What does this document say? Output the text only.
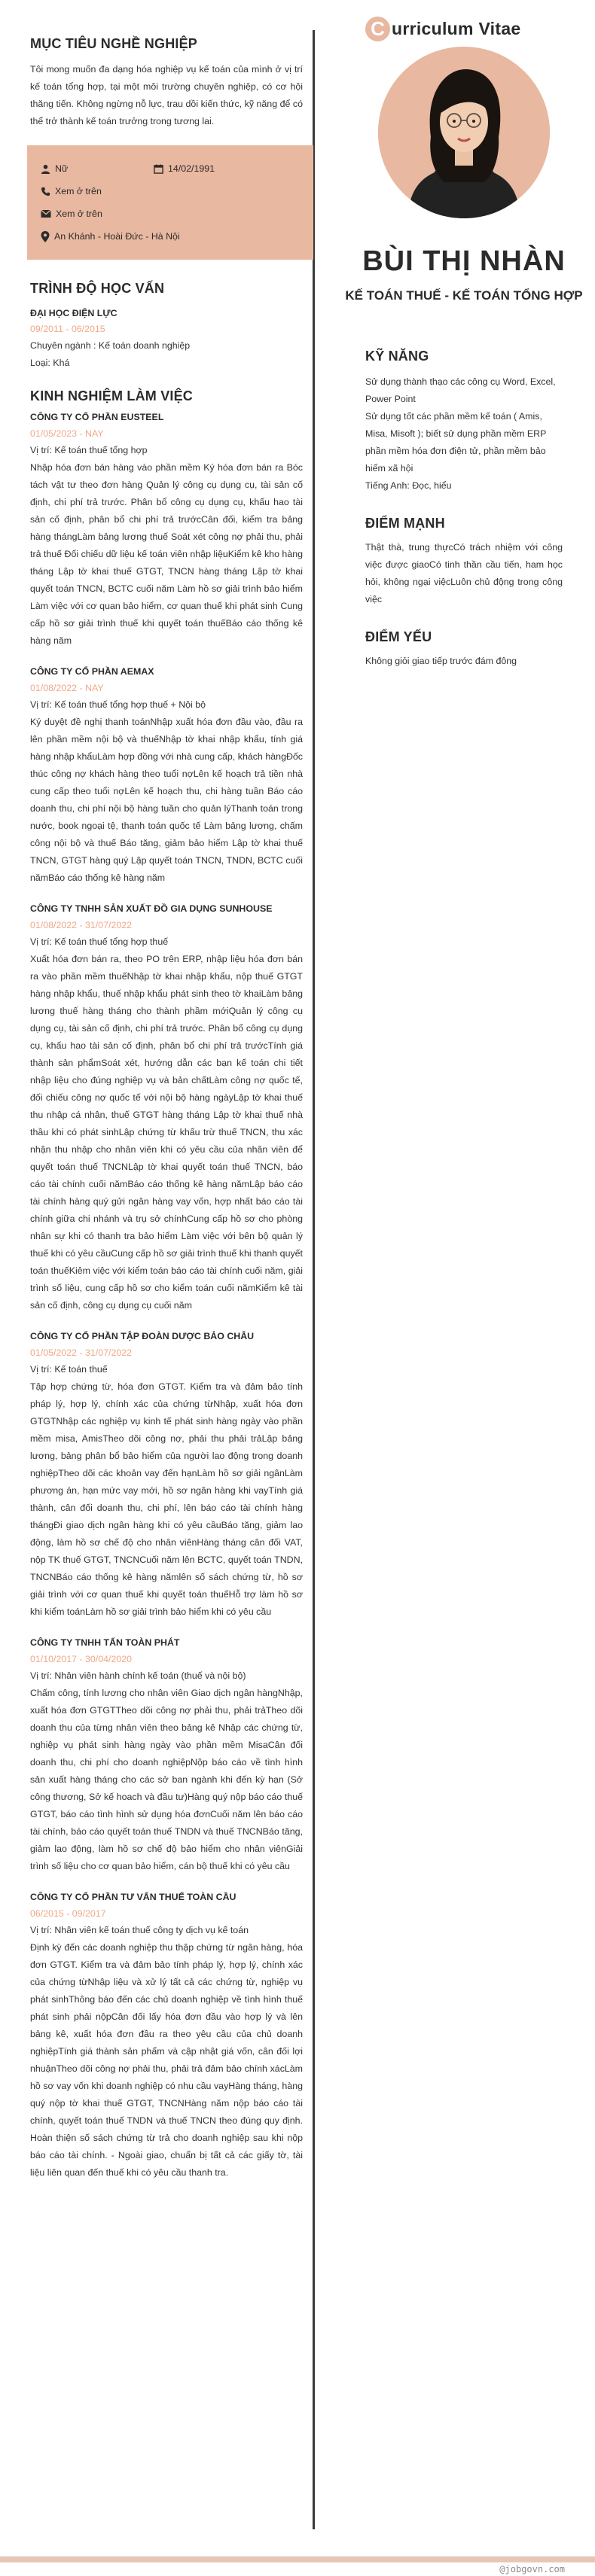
MỤC TIÊU NGHỀ NGHIỆP

Tôi mong muốn đa dạng hóa nghiệp vụ kế toán của mình ở vị trí kế toán tổng hợp, tại một môi trường chuyên nghiệp, có cơ hội thăng tiến. Không ngừng nỗ lực, trau dồi kiến thức, kỹ năng để có thể trở thành kế toán trưởng trong tương lai.

Nữ	14/02/1991
Xem ở trên
Xem ở trên
An Khánh - Hoài Đức - Hà Nội
TRÌNH ĐỘ HỌC VẤN
ĐẠI HỌC ĐIỆN LỰC
09/2011 - 06/2015
Chuyên ngành : Kế toán doanh nghiệp
Loại: Khá
KINH NGHIỆM LÀM VIỆC
CÔNG TY CỔ PHẦN EUSTEEL
01/05/2023 - NAY
Vị trí: Kế toán thuế tổng hợp

Nhập hóa đơn bán hàng vào phần mềm Ký hóa đơn bán ra Bóc tách vật tư theo đơn hàng Quản lý công cụ dụng cụ, tài sản cố định, chi phí trả trước. Phân bổ công cụ dụng cụ, khấu hao tài sản cố định, phân bổ chi phí trả trướcCân đối, kiểm tra bảng hàng thángLàm bảng lương thuế Soát xét công nợ phải thu, phải trả thuế Đối chiếu dữ liệu kế toán viên nhập liệuKiểm kê kho hàng tháng Lập tờ khai thuế GTGT, TNCN hàng tháng Lập tờ khai quyết toán TNCN, BCTC cuối năm Làm hồ sơ giải trình bảo hiểm Làm việc với cơ quan bảo hiểm, cơ quan thuế khi phát sinh Cung cấp hồ sơ giải trình thuế khi quyết toán thuếBáo cáo thống kê hàng năm

CÔNG TY CỔ PHẦN AEMAX
01/08/2022 - NAY
Vị trí: Kế toán thuế tổng hợp thuế + Nội bộ

Ký duyệt đề nghị thanh toánNhập xuất hóa đơn đầu vào, đầu ra lên phần mềm nội bộ và thuếNhập tờ khai nhập khẩu, tính giá hàng nhập khẩuLàm hợp đồng với nhà cung cấp, khách hàngĐốc thúc công nợ khách hàng theo tuổi nợLên kế hoạch trả tiền nhà cung cấp theo tuổi nợLên kế hoạch thu, chi hàng tuần Báo cáo doanh thu, chi phí nội bộ hàng tuần cho quản lýThanh toán trong nước, book ngoại tệ, thanh toán quốc tế Làm bảng lương, chấm công nội bộ và thuế Báo tăng, giảm bảo hiểm Lập tờ khai thuế TNCN, GTGT hàng quý Lập quyết toán TNCN, TNDN, BCTC cuối nămBáo cáo thống kê hàng năm

CÔNG TY TNHH SẢN XUẤT ĐỒ GIA DỤNG SUNHOUSE
01/08/2022 - 31/07/2022
Vị trí: Kế toán thuế tổng hợp thuế

Xuất hóa đơn bán ra, theo PO trên ERP, nhập liệu hóa đơn bán ra vào phần mềm thuếNhập tờ khai nhập khẩu, nộp thuế GTGT hàng nhập khẩu, thuế nhập khẩu phát sinh theo tờ khaiLàm bảng lương thuế hàng tháng cho thành phầm mớiQuản lý công cụ dụng cụ, tài sản cố định, chi phí trả trước. Phân bổ công cụ dụng cụ, khấu hao tài sản cố định, phân bổ chi phí trả trướcTính giá thành sản phẩmSoát xét, hướng dẫn các bạn kế toán chi tiết nhập liệu cho đúng nghiệp vụ và bản chấtLàm công nợ quốc tế, đối chiếu công nợ quốc tế với nội bộ hàng ngàyLập tờ khai thuế thu nhập cá nhân, thuế GTGT hàng tháng Lập tờ khai thuế nhà thầu khi có phát sinhLập chứng từ khấu trừ thuế TNCN, thu xác nhận thu nhập cho nhân viên khi có yêu cầu của nhân viên để quyết toán thuế TNCNLập tờ khai quyết toán thuế TNCN, báo cáo tài chính cuối nămBáo cáo thống kê hàng nămLập báo cáo tài chính hàng quý gửi ngân hàng vay vốn, hợp nhất báo cáo tài chính giữa chi nhánh và trụ sở chínhCung cấp hồ sơ cho phòng nhân sự khi có thanh tra bảo hiểm Làm việc với bên bộ quản lý thuế khi có yêu cầuCung cấp hồ sơ giải trình thuế khi thanh quyết toán thuếKiêm việc với kiểm toán báo cáo tài chính cuối năm, giải trình số liệu, cung cấp hồ sơ cho kiểm toán cuối nămKiểm kê tài sản cố định, công cụ dụng cụ cuối năm

CÔNG TY CỔ PHẦN TẬP ĐOÀN DƯỢC BẢO CHÂU
01/05/2022 - 31/07/2022
Vị trí: Kế toán thuế

Tập hợp chứng từ, hóa đơn GTGT. Kiểm tra và đảm bảo tính pháp lý, hợp lý, chính xác của chứng từNhập, xuất hóa đơn GTGTNhập các nghiệp vụ kinh tế phát sinh hàng ngày vào phần mềm misa, AmisTheo dõi công nợ, phải thu phải trảLập bảng lương, bảng phân bổ bảo hiểm của người lao động trong doanh nghiệpTheo dõi các khoản vay đến hạnLàm hồ sơ giải ngânLàm phương án, hạn mức vay mới, hồ sơ ngân hàng khi vayTính giá thành, cân đối doanh thu, chi phí, lên báo cáo tài chính hàng thángĐi giao dịch ngân hàng khi có yêu cầuBáo tăng, giảm lao động, làm hồ sơ chế độ cho nhân viênHàng tháng cân đối VAT, nộp TK thuế GTGT, TNCNCuối năm lên BCTC, quyết toán TNDN, TNCNBáo cáo thống kê hàng nămlên số sách chứng từ, hồ sơ giải trình với cơ quan thuế khi quyết toán thuếHỗ trợ làm hồ sơ khi kiểm toánLàm hồ sơ giải trình bảo hiểm khi có yêu cầu

CÔNG TY TNHH TẤN TOÀN PHÁT
01/10/2017 - 30/04/2020
Vị trí: Nhân viên hành chính kế toán (thuế và nội bộ)

Chấm công, tính lương cho nhân viên Giao dịch ngân hàngNhập, xuất hóa đơn GTGTTheo dõi công nợ phải thu, phải trảTheo dõi doanh thu của từng nhân viên theo bảng kê Nhập các chứng từ, nghiệp vụ phát sinh hàng ngày vào phần mềm MisaCân đối doanh thu, chi phí cho doanh nghiệpNộp báo cáo về tình hình sản xuất hàng tháng cho các sở ban ngành khi đến kỳ hạn (Sở công thương, Sở kế hoach và đầu tư)Hàng quý nộp báo cáo thuế GTGT, báo cáo tình hình sử dụng hóa đơnCuối năm lên báo cáo tài chính, báo cáo quyết toán thuế TNDN và thuế TNCNBáo tăng, giảm lao động, làm hồ sơ chế độ bảo hiểm cho nhân viênGiải trình số liệu cho cơ quan bảo hiểm, cán bộ thuế khi có yêu cầu

CÔNG TY CỔ PHẦN TƯ VẤN THUẾ TOÀN CẦU
06/2015 - 09/2017
Vị trí: Nhân viên kế toán thuế công ty dịch vụ kế toán

Định kỳ đến các doanh nghiệp thu thập chứng từ ngân hàng, hóa đơn GTGT. Kiểm tra và đảm bảo tính pháp lý, hợp lý, chính xác của chứng từNhập liệu và xử lý tất cả các chứng từ, nghiệp vụ phát sinhThông báo đến các chủ doanh nghiệp về tình hình thuế phát sinh phải nộpCân đối lấy hóa đơn đầu vào hợp lý và lên bảng kê, xuất hóa đơn đầu ra theo yêu cầu của chủ doanh nghiệpTính giá thành sản phẩm và cập nhật giá vốn, cân đối lợi nhuậnTheo dõi công nợ phải thu, phải trả đảm bảo chính xácLàm hồ sơ vay vốn khi doanh nghiệp có nhu cầu vayHàng tháng, hàng quý nộp tờ khai thuế GTGT, TNCNHàng năm nộp báo cáo tài chính, quyết toán thuế TNDN và thuế TNCN theo đúng quy định. Hoàn thiện số sách chứng từ trả cho doanh nghiệp sau khi nộp báo cáo tài chính. - Ngoài giao, chuẩn bị tất cả các giấy tờ, tài liệu liên quan đến thuế khi có yêu cầu thanh tra.

C urriculum Vitae
BÙI THỊ NHÀN
KẾ TOÁN THUẾ - KẾ TOÁN TỔNG HỢP
KỸ NĂNG
Sử dụng thành thạo các công cụ Word, Excel, Power Point
Sử dụng tốt các phần mềm kế toán ( Amis, Misa, Misoft ); biết sử dụng phần mềm ERP phần mềm hóa đơn điện tử, phần mềm bảo hiểm xã hội
Tiếng Anh: Đọc, hiểu
ĐIỂM MẠNH

Thật thà, trung thựcCó trách nhiệm với công việc được giaoCó tinh thần cầu tiến, ham học hỏi, không ngại việcLuôn chủ động trong công việc

ĐIỂM YẾU

Không giỏi giao tiếp trước đám đông

@jobgovn.com
